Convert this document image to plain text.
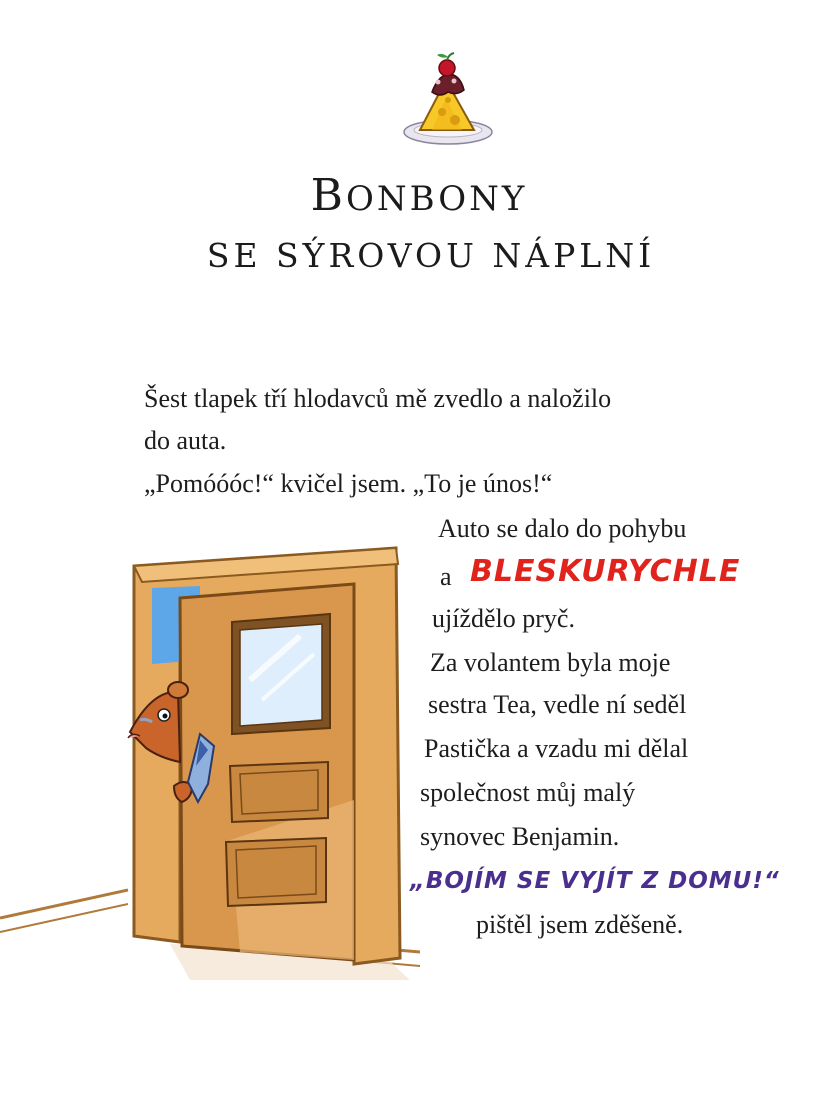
BONBONY
SE SÝROVOU NÁPLNÍ
Šest tlapek tří hlodavců mě zvedlo a naložilo
do auta.
„Pomóóóc!“ kvičel jsem. „To je únos!“
Auto se dalo do pohybu
a BLESKURYCHLE
ujíždělo pryč.
Za volantem byla moje
sestra Tea, vedle ní seděl
Pastička a vzadu mi dělal
společnost můj malý
synovec Benjamin.
„BOJÍM SE VYJÍT Z DOMU!“
pištěl jsem zděšeně.
